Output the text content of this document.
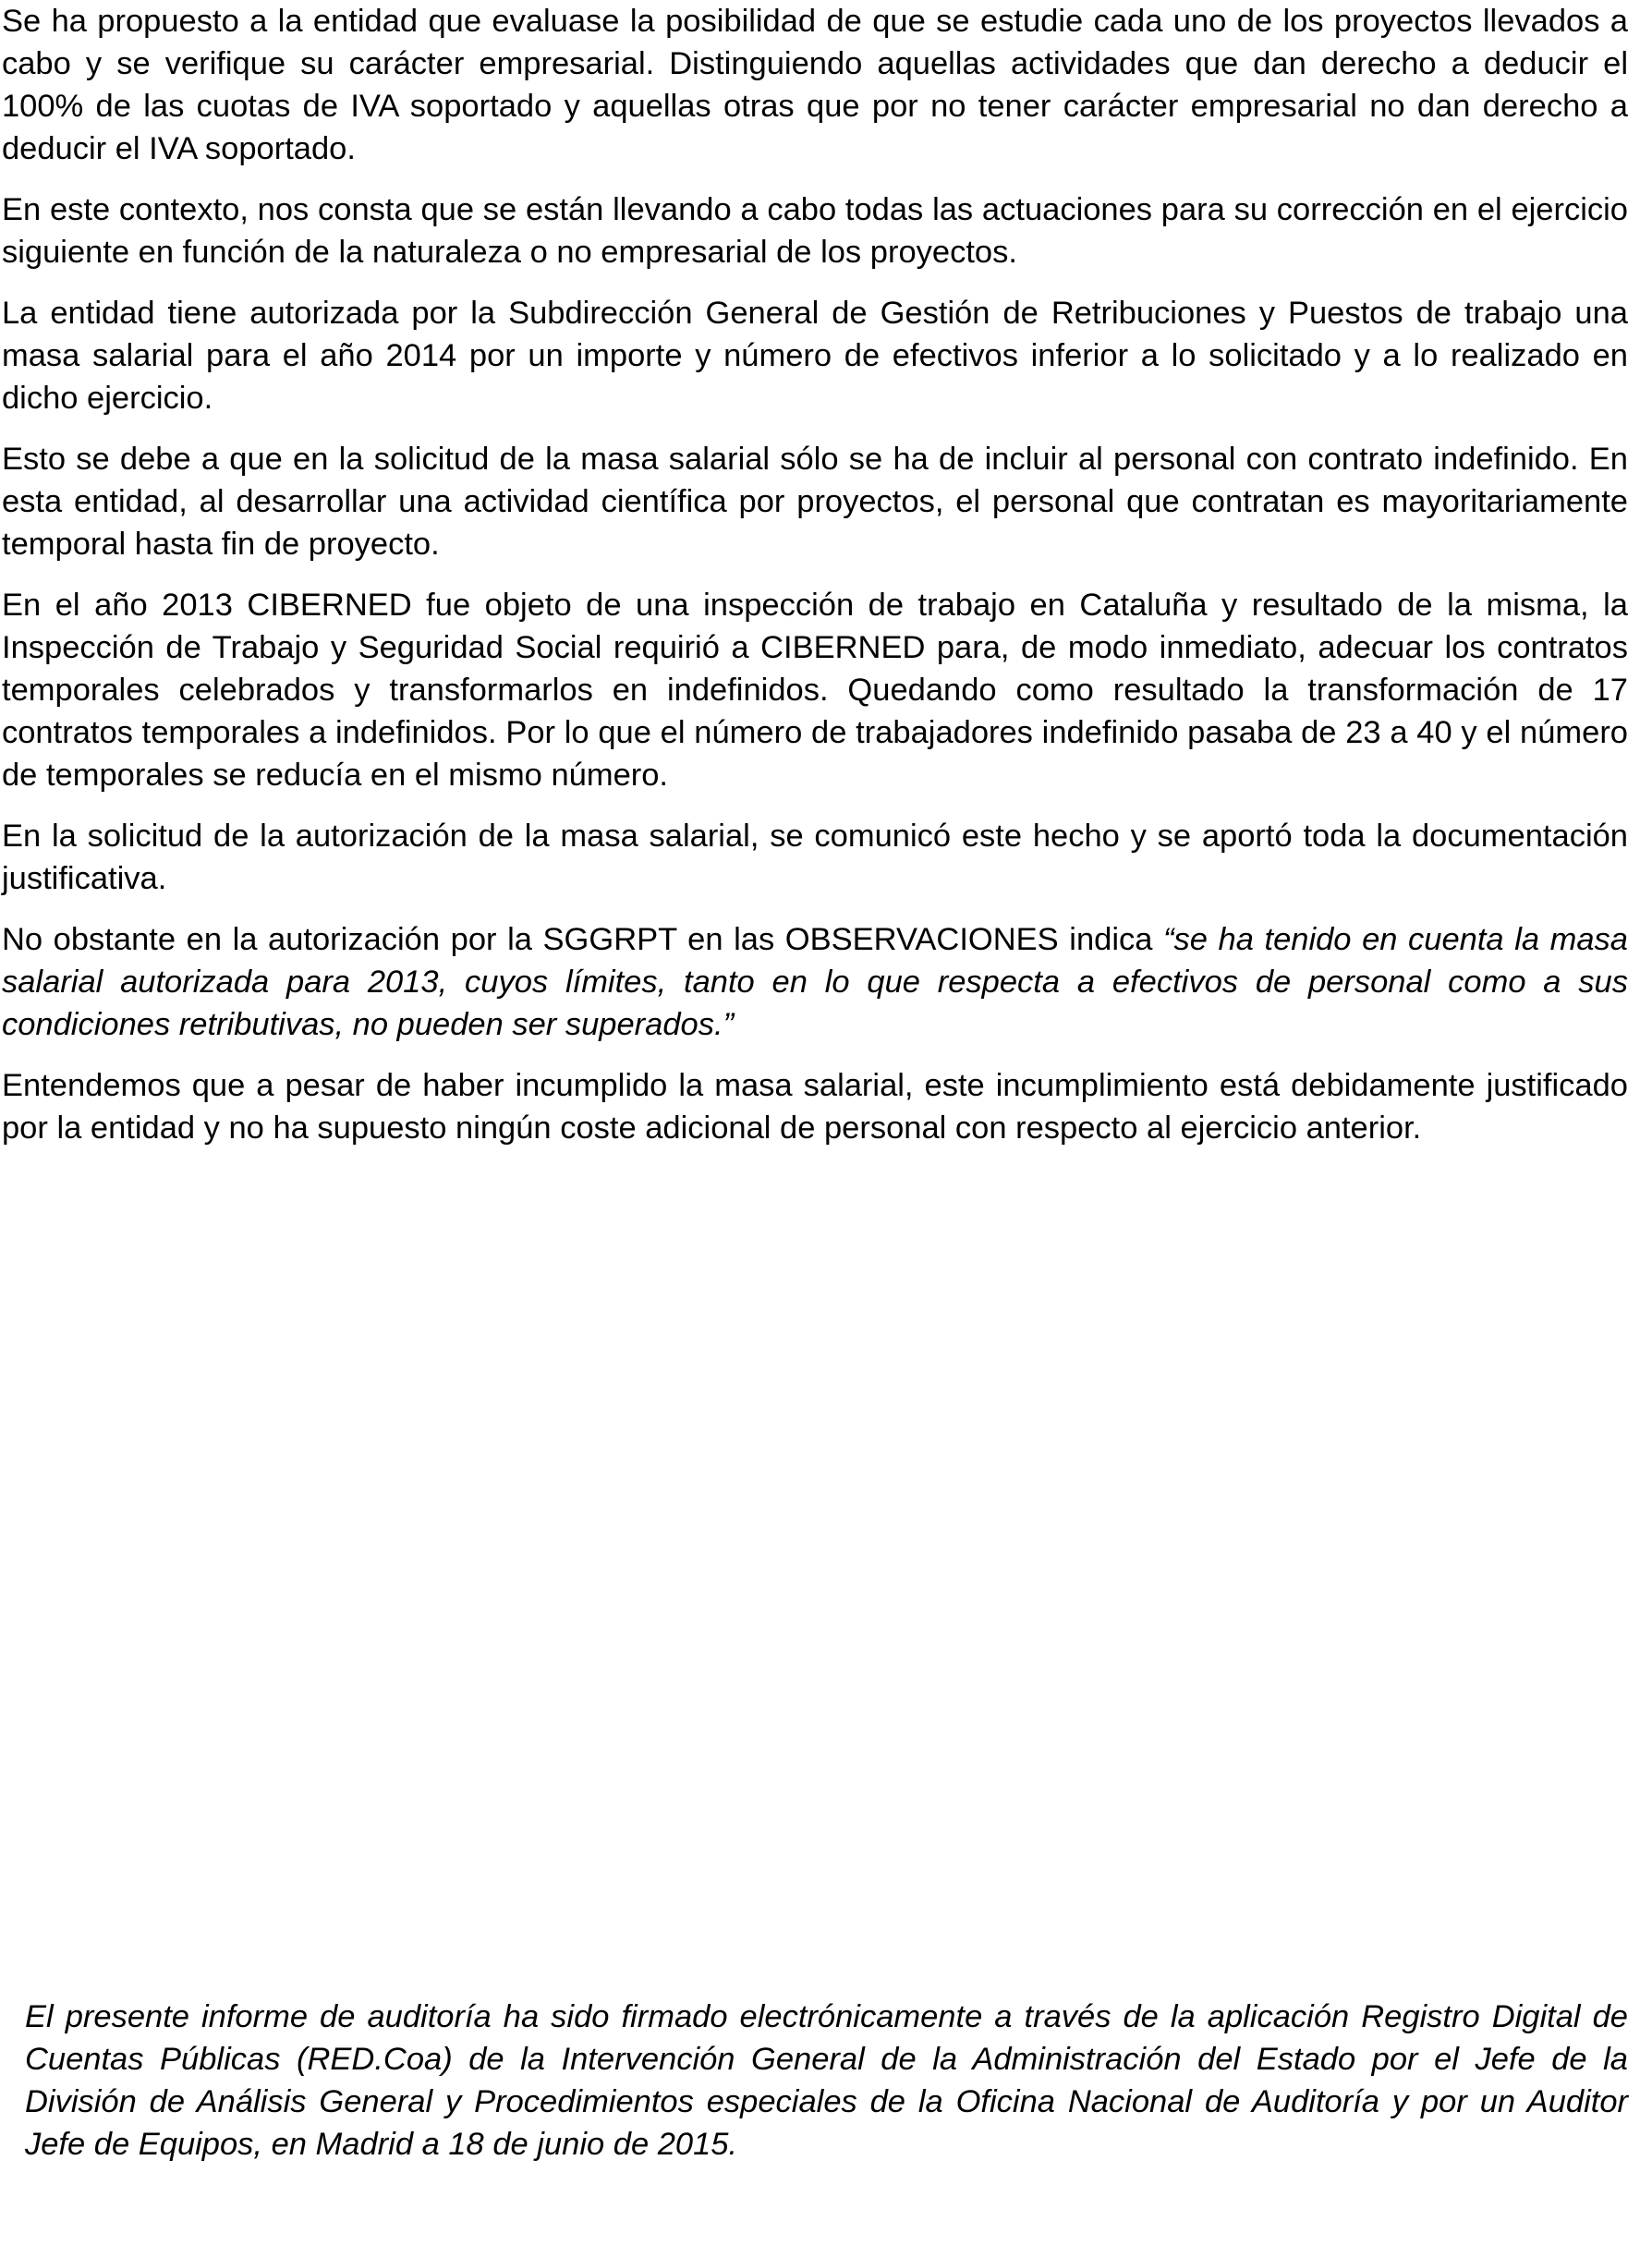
Se ha propuesto a la entidad que evaluase la posibilidad de que se estudie cada uno de los proyectos llevados a cabo y se verifique su carácter empresarial. Distinguiendo aquellas actividades que dan derecho a deducir el 100% de las cuotas de IVA soportado y aquellas otras que por no tener carácter empresarial no dan derecho a deducir el IVA soportado.

En este contexto, nos consta que se están llevando a cabo todas las actuaciones para su corrección en el ejercicio siguiente en función de la naturaleza o no empresarial de los proyectos.

La entidad tiene autorizada por la Subdirección General de Gestión de Retribuciones y Puestos de trabajo una masa salarial para el año 2014 por un importe y número de efectivos inferior a lo solicitado y a lo realizado en dicho ejercicio.

Esto se debe a que en la solicitud de la masa salarial sólo se ha de incluir al personal con contrato indefinido. En esta entidad, al desarrollar una actividad científica por proyectos, el personal que contratan es mayoritariamente temporal hasta fin de proyecto.

En el año 2013 CIBERNED fue objeto de una inspección de trabajo en Cataluña y resultado de la misma, la Inspección de Trabajo y Seguridad Social requirió a CIBERNED para, de modo inmediato, adecuar los contratos temporales celebrados y transformarlos en indefinidos. Quedando como resultado la transformación de 17 contratos temporales a indefinidos. Por lo que el número de trabajadores indefinido pasaba de 23 a 40 y el número de temporales se reducía en el mismo número.

En la solicitud de la autorización de la masa salarial, se comunicó este hecho y se aportó toda la documentación justificativa.

No obstante en la autorización por la SGGRPT en las OBSERVACIONES indica “se ha tenido en cuenta la masa salarial autorizada para 2013, cuyos límites, tanto en lo que respecta a efectivos de personal como a sus condiciones retributivas, no pueden ser superados.”

Entendemos que a pesar de haber incumplido la masa salarial, este incumplimiento está debidamente justificado por la entidad y no ha supuesto ningún coste adicional de personal con respecto al ejercicio anterior.

El presente informe de auditoría ha sido firmado electrónicamente a través de la aplicación Registro Digital de Cuentas Públicas (RED.Coa) de la Intervención General de la Administración del Estado por el Jefe de la División de Análisis General y Procedimientos especiales de la Oficina Nacional de Auditoría y por un Auditor Jefe de Equipos, en Madrid a 18 de junio de 2015.
